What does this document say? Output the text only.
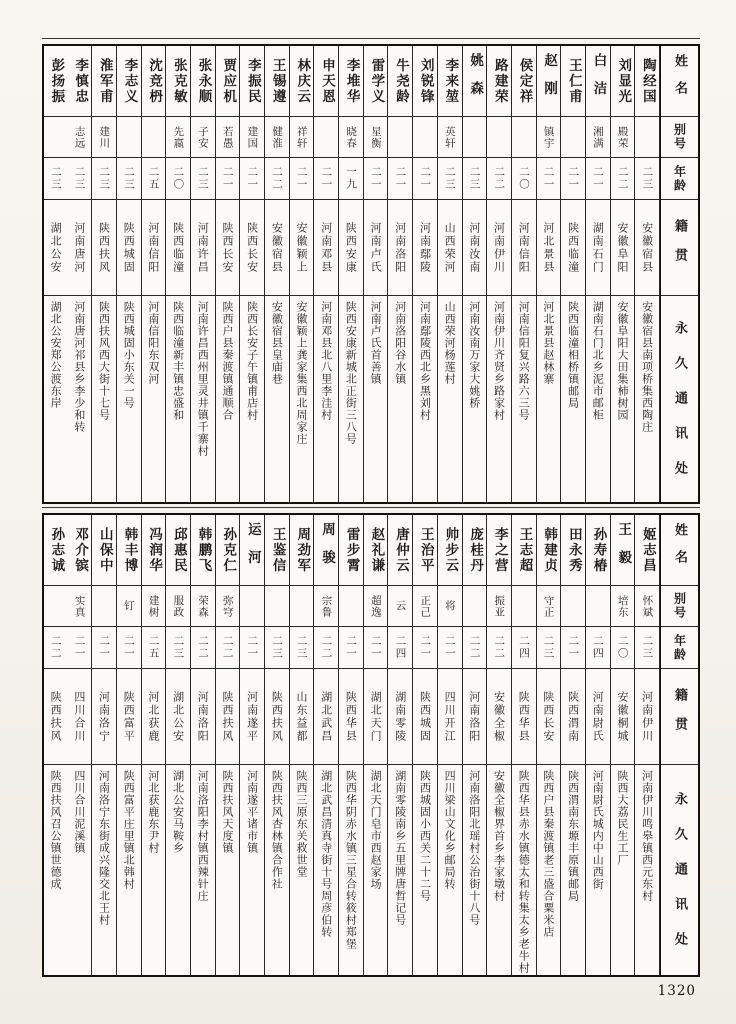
姓名
别号
年龄
籍贯
永久通讯处
陶经国
二三
安徽宿县
安徽宿县南项桥集西陶庄
刘显光
殿荣
二二
安徽阜阳
安徽阜阳大田集柿树园
白洁
湘满
二一
湖南石门
湖南石门北乡泥市邮柜
王仁甫
二一
陕西临潼
陕西临潼相桥镇邮局
赵刚
镇宇
二一
河北景县
河北景县赵林寨
侯定祥
二〇
河南信阳
河南信阳复兴路六三号
路建荣
二二
河南伊川
河南伊川齐贤乡路家村
姚森
二三
河南汝南
河南汝南万家大姚桥
李来堃
英轩
二三
山西荣河
山西荣河杨莲村
刘锐锋
二一
河南鄢陵
河南鄢陵西北乡黑刘村
牛尧龄
二一
河南洛阳
河南洛阳谷水镇
雷学义
星衡
二一
河南卢氏
河南卢氏首善镇
李堆华
晓春
一九
陕西安康
陕西安康新城北正街三八号
申天恩
二一
河南邓县
河南邓县北八里李洼村
林庆云
祥轩
二一
安徽颖上
安徽颖上龚家集西北周家庄
王锡遵
健淮
二二
安徽宿县
安徽宿县皇庙巷
李振民
建国
二一
陕西长安
陕西长安子午镇甫店村
贾应机
若愚
二一
陕西长安
陕西户县秦渡镇通顺合
张永顺
子安
二三
河南许昌
河南许昌西州里灵井镇千寨村
张克敏
先嬴
二〇
陕西临潼
陕西临潼新丰镇忠盛和
沈竞枬
二五
河南信阳
河南信阳东双河
李志义
二三
陕西城固
陕西城固小东关一号
淮军甫
建川
二三
陕西扶风
陕西扶风西大街十七号
李慎忠
志远
二三
河南唐河
河南唐河祁县乡李少和转
彭扬振
二三
湖北公安
湖北公安郑公渡东岸
姓名
别号
年龄
籍贯
永久通讯处
姬志昌
怀斌
二三
河南伊川
河南伊川鸣皋镇西元东村
王毅
培东
二〇
安徽桐城
陕西大荔民生工厂
孙寿椿
二四
河南尉氏
河南尉氏城内中山西街
田永秀
二一
陕西渭南
陕西渭南东塬丰原镇邮局
韩建贞
守正
二三
陕西长安
陕西户县秦渡镇老三盛合粟米店
王志超
二四
陕西华县
陕西华县赤水镇德太和转集太乡老牛村
李之营
振亚
二二
安徽全椒
安徽全椒界首乡李家墩村
庞桂丹
二二
河南洛阳
河南洛阳北瑶村公治街十八号
帅步云
将
二一
四川开江
四川梁山文化乡邮局转
王治平
正己
二一
陕西城固
陕西城固小西关二十二号
唐仲云
云
二四
湖南零陵
湖南零陵南乡五里牌唐哲记号
赵礼谦
超逸
二一
湖北天门
湖北天门皂市西赵家场
雷步霄
二一
陕西华县
陕西华阴赤水镇三星合转筱村郑堡
周骏
宗鲁
二二
湖北武昌
湖北武昌清真寺街十号周彦伯转
周劲军
二三
山东益都
陕西三原东关救世堂
王鉴信
二三
陕西扶风
陕西扶风杏林镇合作社
运河
二一
河南遂平
河南遂平诸市镇
孙克仁
弥穹
二二
陕西扶风
陕西扶风天度镇
韩鹏飞
荣森
二二
河南洛阳
河南洛阳李村镇西辣针庄
邱惠民
服政
二三
湖北公安
湖北公安马鞍乡
冯润华
建树
二五
河北获鹿
河北获鹿东尹村
韩丰博
钉
二一
陕西富平
陕西富平庄里镇北韩村
山保中
二一
河南洛宁
河南洛宁东街成兴隆交北王村
邓介镔
实真
二一
四川合川
四川合川泥溪镇
孙志诚
二二
陕西扶风
陕西扶风召公镇世德成
1320
